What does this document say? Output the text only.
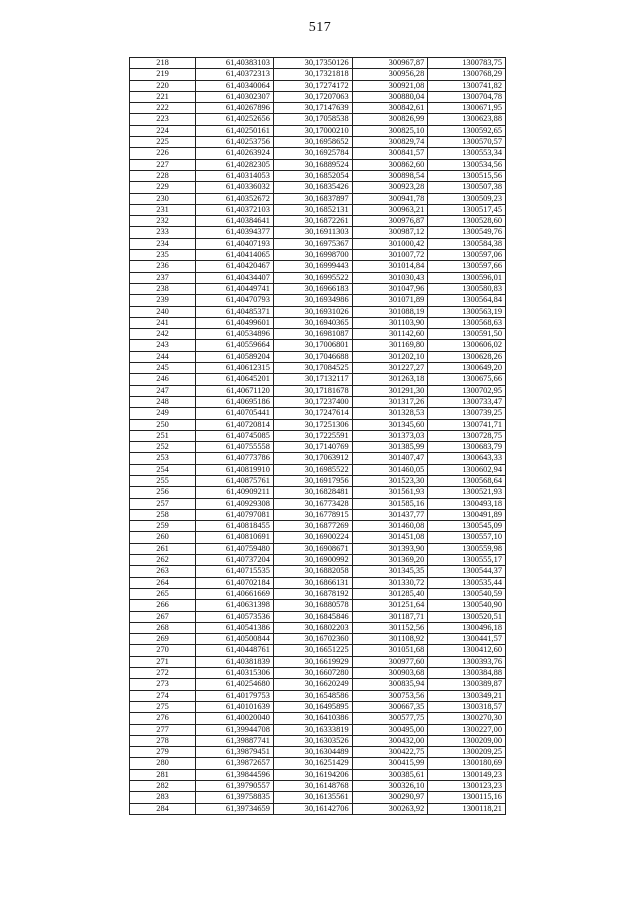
517
218	61,40383103	30,17350126	300967,87	1300783,75
219	61,40372313	30,17321818	300956,28	1300768,29
220	61,40340064	30,17274172	300921,08	1300741,82
221	61,40302307	30,17207063	300880,04	1300704,78
222	61,40267896	30,17147639	300842,61	1300671,95
223	61,40252656	30,17058538	300826,99	1300623,88
224	61,40250161	30,17000210	300825,10	1300592,65
225	61,40253756	30,16958652	300829,74	1300570,57
226	61,40263924	30,16925784	300841,57	1300553,34
227	61,40282305	30,16889524	300862,60	1300534,56
228	61,40314053	30,16852054	300898,54	1300515,56
229	61,40336032	30,16835426	300923,28	1300507,38
230	61,40352672	30,16837897	300941,78	1300509,23
231	61,40372103	30,16852131	300963,21	1300517,45
232	61,40384641	30,16872261	300976,87	1300528,60
233	61,40394377	30,16911303	300987,12	1300549,76
234	61,40407193	30,16975367	301000,42	1300584,38
235	61,40414065	30,16998700	301007,72	1300597,06
236	61,40420467	30,16999443	301014,84	1300597,66
237	61,40434407	30,16995522	301030,43	1300596,01
238	61,40449741	30,16966183	301047,96	1300580,83
239	61,40470793	30,16934986	301071,89	1300564,84
240	61,40485371	30,16931026	301088,19	1300563,19
241	61,40499601	30,16940365	301103,90	1300568,63
242	61,40534896	30,16981087	301142,60	1300591,50
243	61,40559664	30,17006801	301169,80	1300606,02
244	61,40589204	30,17046688	301202,10	1300628,26
245	61,40612315	30,17084525	301227,27	1300649,20
246	61,40645201	30,17132117	301263,18	1300675,66
247	61,40671120	30,17181678	301291,30	1300702,95
248	61,40695186	30,17237400	301317,26	1300733,47
249	61,40705441	30,17247614	301328,53	1300739,25
250	61,40720814	30,17251306	301345,60	1300741,71
251	61,40745085	30,17225591	301373,03	1300728,75
252	61,40755558	30,17140769	301385,99	1300683,79
253	61,40773786	30,17063912	301407,47	1300643,33
254	61,40819910	30,16985522	301460,05	1300602,94
255	61,40875761	30,16917956	301523,30	1300568,64
256	61,40909211	30,16828481	301561,93	1300521,93
257	61,40929308	30,16773428	301585,16	1300493,18
258	61,40797081	30,16778915	301437,77	1300491,89
259	61,40818455	30,16877269	301460,08	1300545,09
260	61,40810691	30,16900224	301451,08	1300557,10
261	61,40759480	30,16908671	301393,90	1300559,98
262	61,40737204	30,16900992	301369,20	1300555,17
263	61,40715535	30,16882058	301345,35	1300544,37
264	61,40702184	30,16866131	301330,72	1300535,44
265	61,40661669	30,16878192	301285,40	1300540,59
266	61,40631398	30,16880578	301251,64	1300540,90
267	61,40573536	30,16845846	301187,71	1300520,51
268	61,40541386	30,16802203	301152,56	1300496,18
269	61,40500844	30,16702360	301108,92	1300441,57
270	61,40448761	30,16651225	301051,68	1300412,60
271	61,40381839	30,16619929	300977,60	1300393,76
272	61,40315306	30,16607280	300903,68	1300384,88
273	61,40254680	30,16620249	300835,94	1300389,87
274	61,40179753	30,16548586	300753,56	1300349,21
275	61,40101639	30,16495895	300667,35	1300318,57
276	61,40020040	30,16410386	300577,75	1300270,30
277	61,39944708	30,16333819	300495,00	1300227,00
278	61,39887741	30,16303526	300432,00	1300209,00
279	61,39879451	30,16304489	300422,75	1300209,25
280	61,39872657	30,16251429	300415,99	1300180,69
281	61,39844596	30,16194206	300385,61	1300149,23
282	61,39790557	30,16148768	300326,10	1300123,23
283	61,39758835	30,16135561	300290,97	1300115,16
284	61,39734659	30,16142706	300263,92	1300118,21
